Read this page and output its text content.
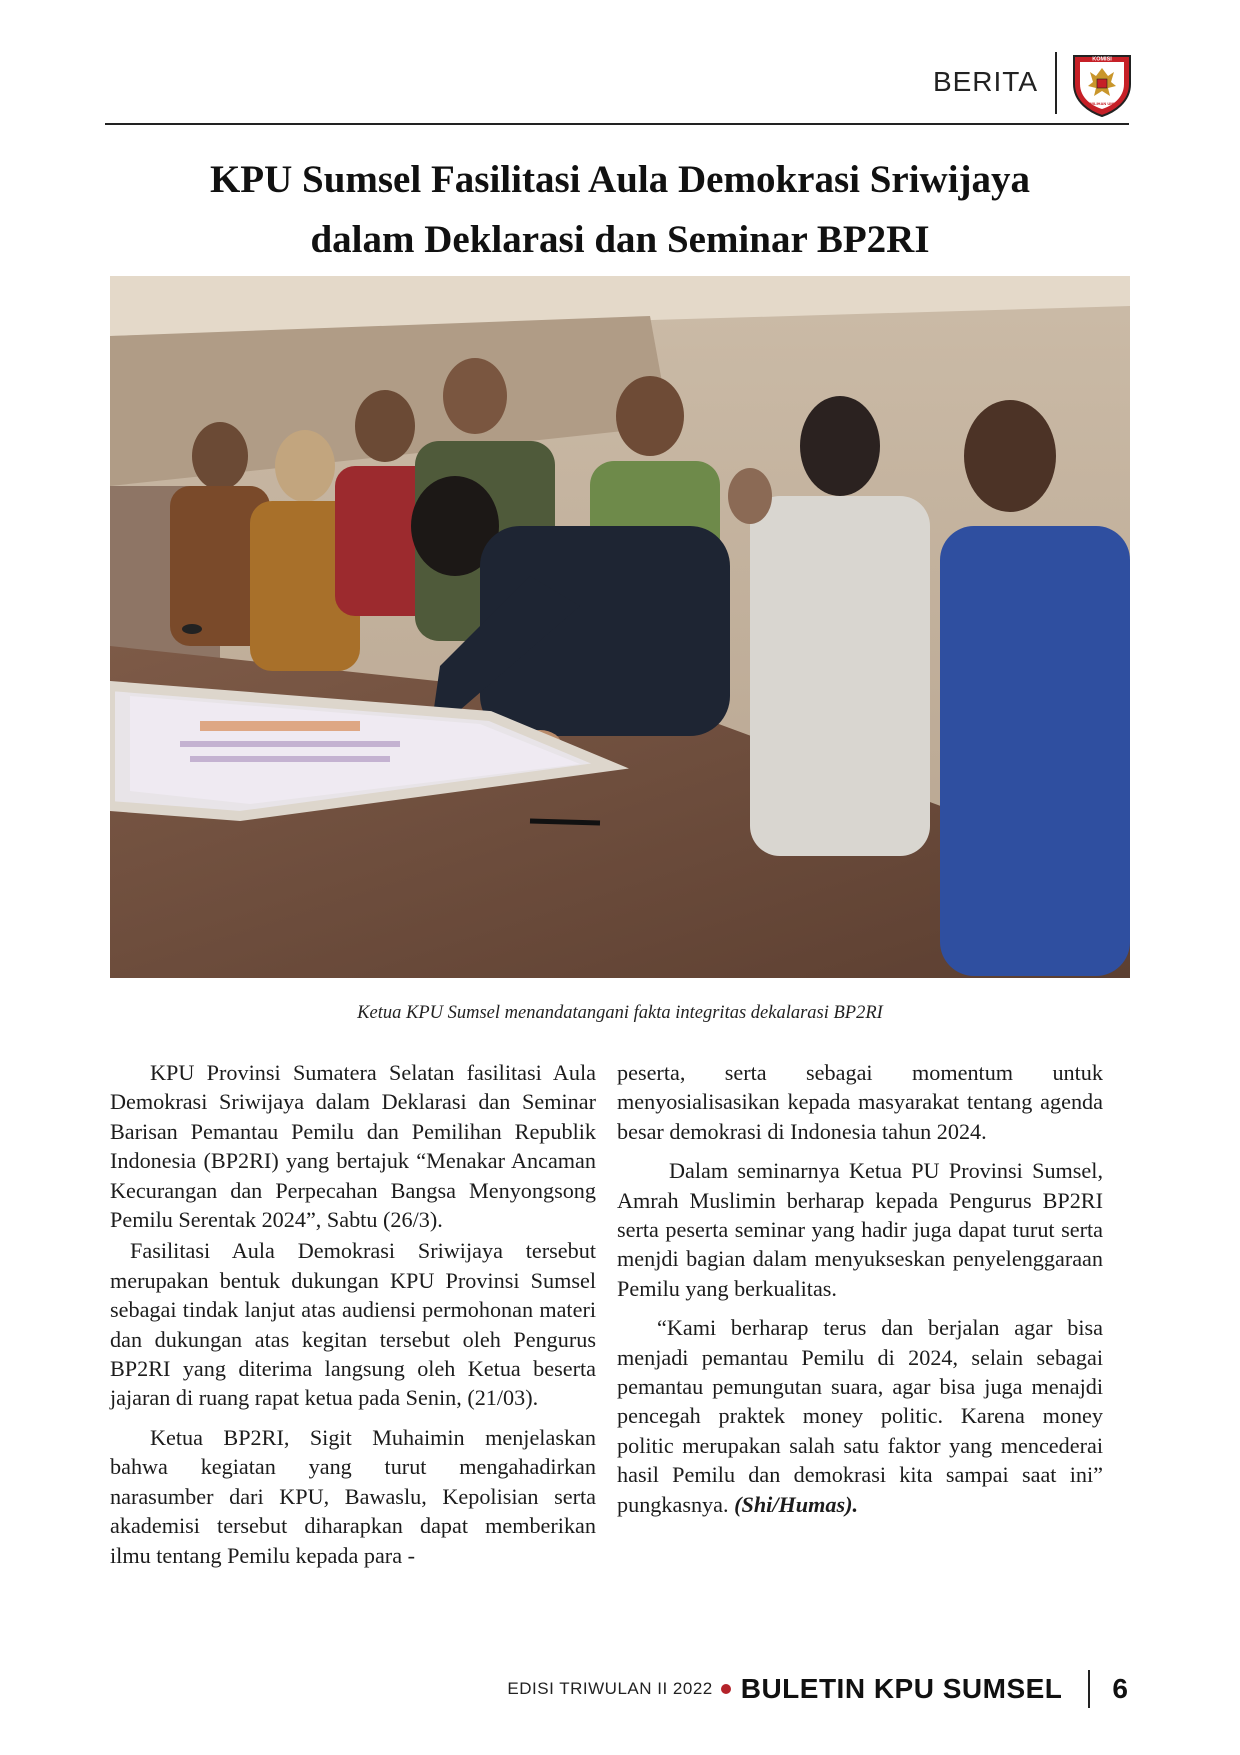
BERITA
KOMISI
PEMILIHAN UMUM
KPU Sumsel Fasilitasi Aula Demokrasi Sriwijaya
dalam Deklarasi dan Seminar BP2RI
Ketua KPU Sumsel menandatangani fakta integritas dekalarasi BP2RI

KPU Provinsi Sumatera Selatan fasilitasi Aula Demokrasi Sriwijaya dalam Deklarasi dan Seminar Barisan Pemantau Pemilu dan Pemilihan Republik Indonesia (BP2RI) yang bertajuk “Menakar Ancaman Kecurangan dan Perpecahan Bangsa Menyongsong Pemilu Serentak 2024”, Sabtu (26/3).

Fasilitasi Aula Demokrasi Sriwijaya tersebut merupakan bentuk dukungan KPU Provinsi Sumsel sebagai tindak lanjut atas audiensi permohonan materi dan dukungan atas kegitan tersebut oleh Pengurus BP2RI yang diterima langsung oleh Ketua beserta jajaran di ruang rapat ketua pada Senin, (21/03).

Ketua BP2RI, Sigit Muhaimin menjelaskan bahwa kegiatan yang turut mengahadirkan narasumber dari KPU, Bawaslu, Kepolisian serta akademisi tersebut diharapkan dapat memberikan ilmu tentang Pemilu kepada para -

peserta, serta sebagai momentum untuk menyosialisasikan kepada masyarakat tentang agenda besar demokrasi di Indonesia tahun 2024.

Dalam seminarnya Ketua PU Provinsi Sumsel, Amrah Muslimin berharap kepada Pengurus BP2RI serta peserta seminar yang hadir juga dapat turut serta menjdi bagian dalam menyukseskan penyelenggaraan Pemilu yang berkualitas.

“Kami berharap terus dan berjalan agar bisa menjadi pemantau Pemilu di 2024, selain sebagai pemantau pemungutan suara, agar bisa juga menajdi pencegah praktek money politic. Karena money politic merupakan salah satu faktor yang mencederai hasil Pemilu dan demokrasi kita sampai saat ini” pungkasnya. (Shi/Humas).

EDISI TRIWULAN II 2022 BULETIN KPU SUMSEL 6
